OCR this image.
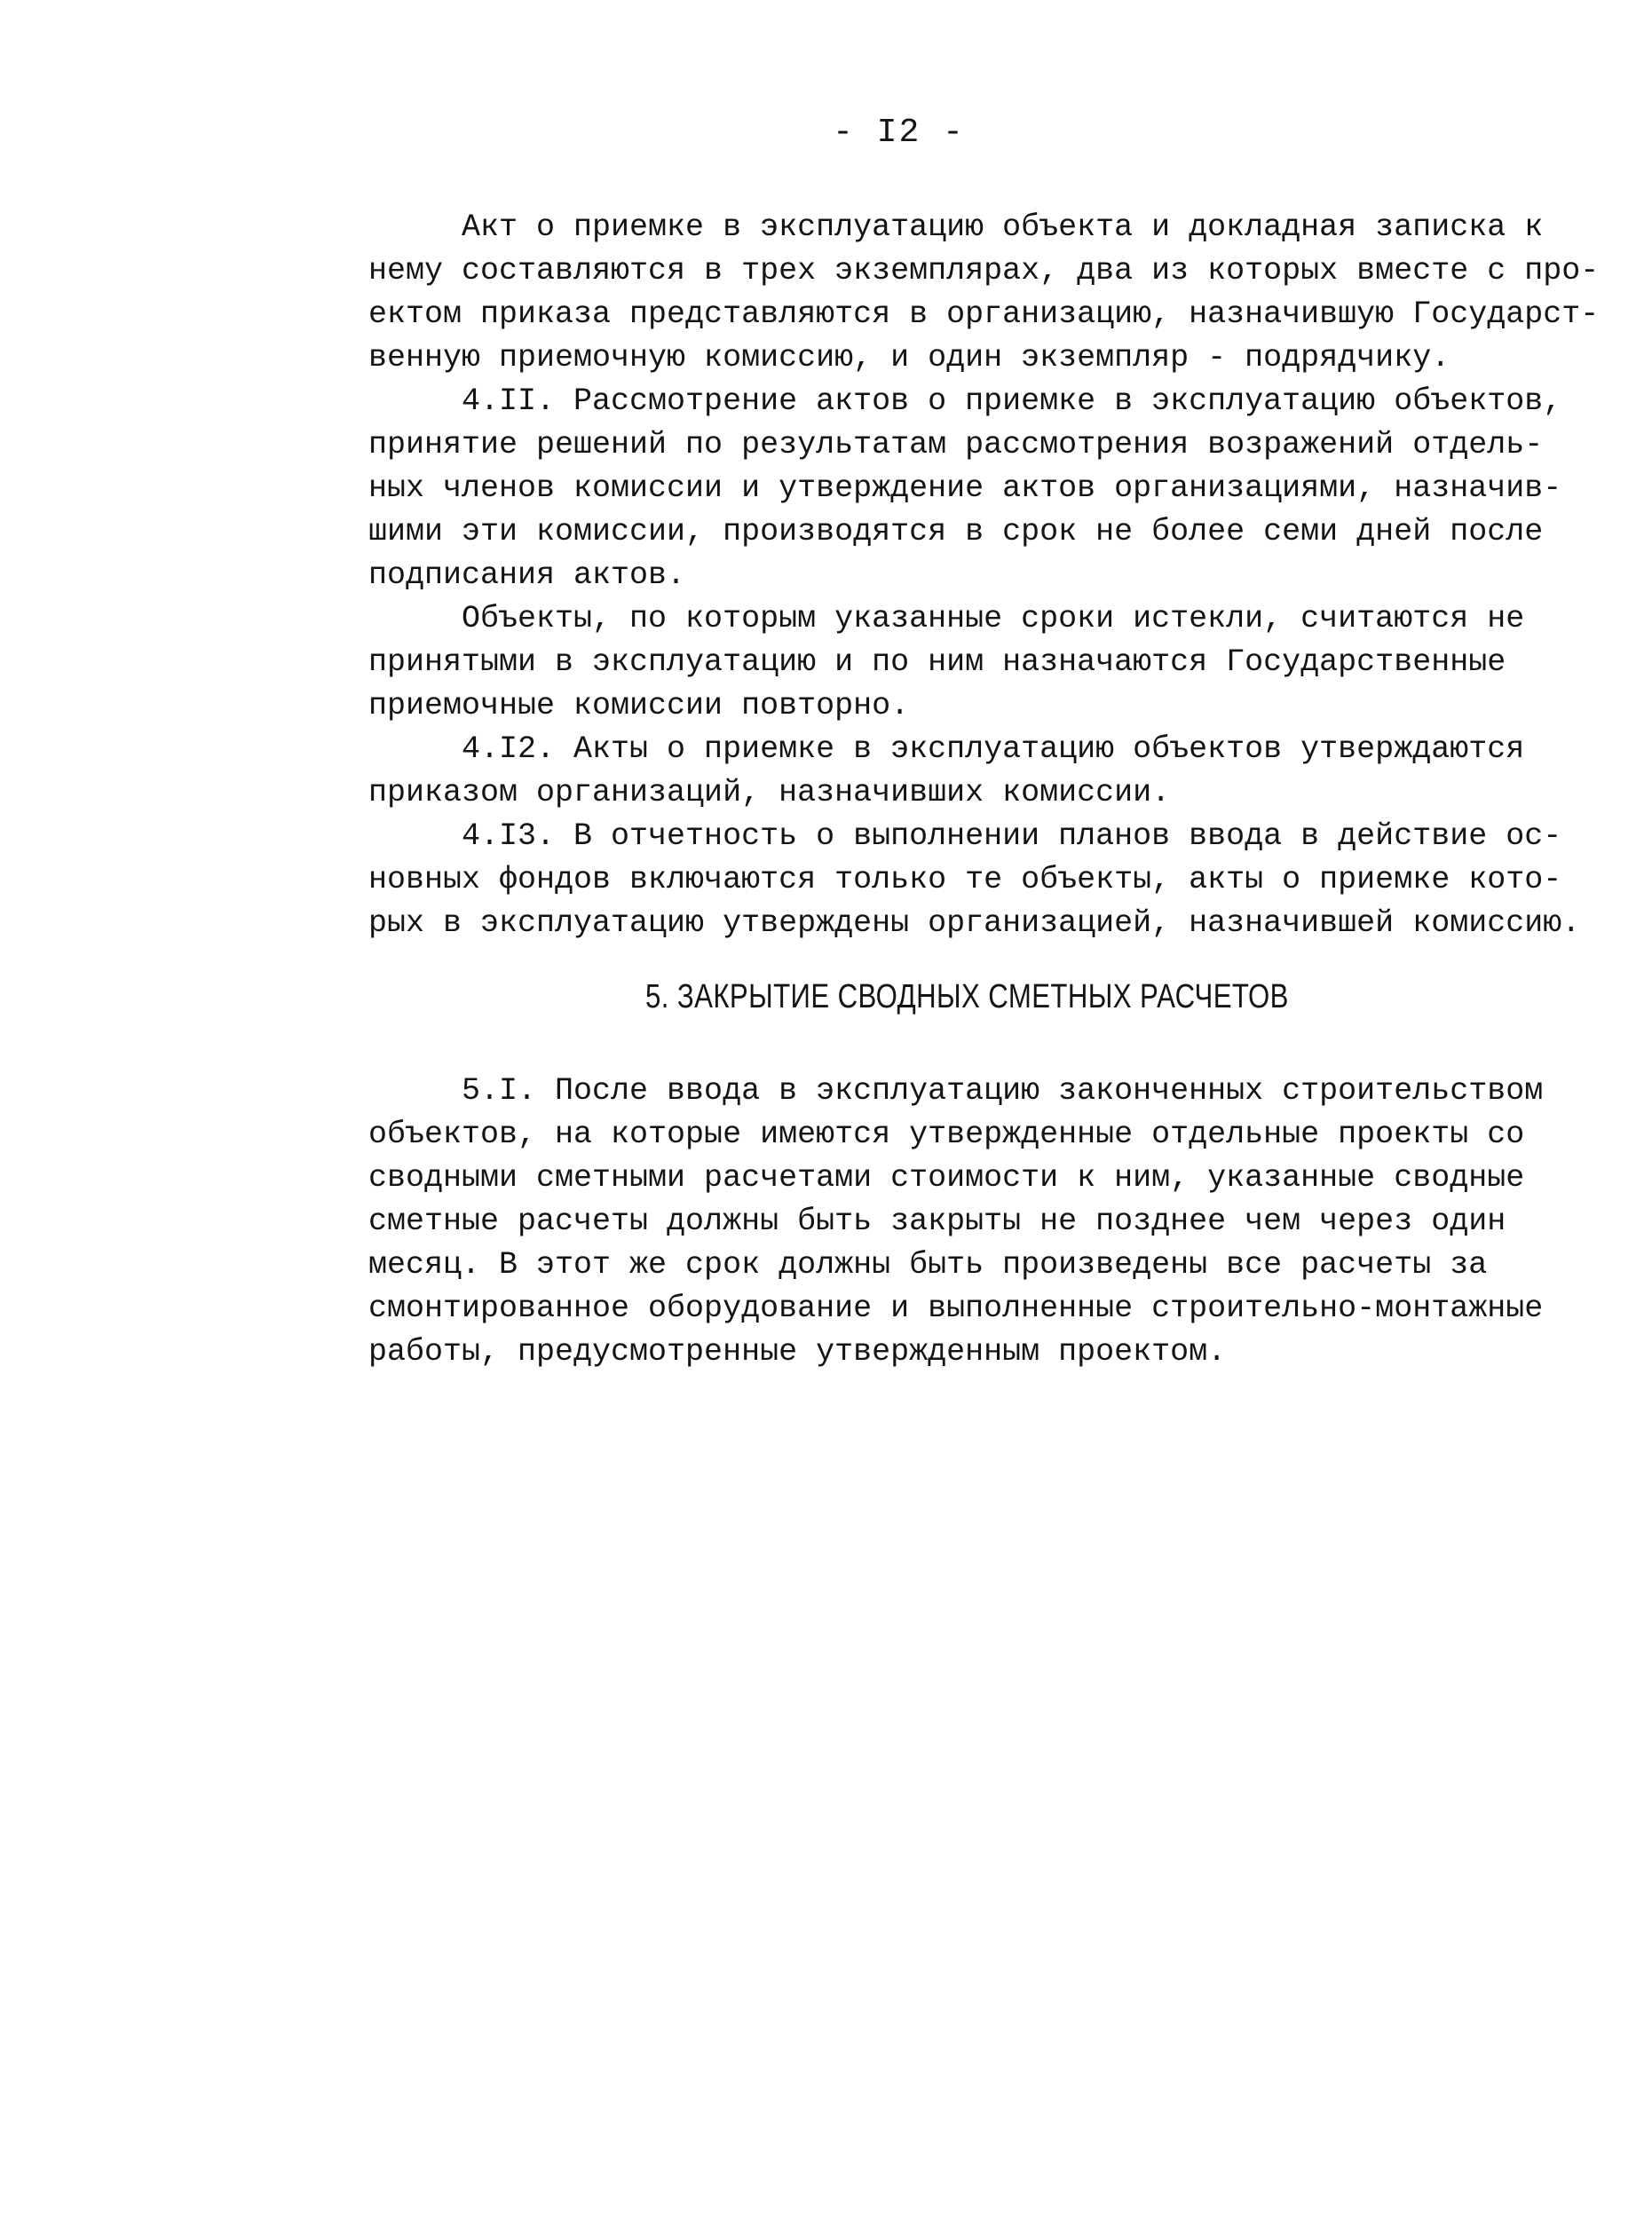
- I2 -
Акт о приемке в эксплуатацию объекта и докладная записка к
нему составляются в трех экземплярах, два из которых вместе с про-
ектом приказа представляются в организацию, назначившую Государст-
венную приемочную комиссию, и один экземпляр - подрядчику.
4.II. Рассмотрение актов о приемке в эксплуатацию объектов,
принятие решений по результатам рассмотрения возражений отдель-
ных членов комиссии и утверждение актов организациями, назначив-
шими эти комиссии, производятся в срок не более семи дней после
подписания актов.
Объекты, по которым указанные сроки истекли, считаются не
принятыми в эксплуатацию и по ним назначаются Государственные
приемочные комиссии повторно.
4.I2. Акты о приемке в эксплуатацию объектов утверждаются
приказом организаций, назначивших комиссии.
4.I3. В отчетность о выполнении планов ввода в действие ос-
новных фондов включаются только те объекты, акты о приемке кото-
рых в эксплуатацию утверждены организацией, назначившей комиссию.
5. ЗАКРЫТИЕ СВОДНЫХ СМЕТНЫХ РАСЧЕТОВ
5.I. После ввода в эксплуатацию законченных строительством
объектов, на которые имеются утвержденные отдельные проекты со
сводными сметными расчетами стоимости к ним, указанные сводные
сметные расчеты должны быть закрыты не позднее чем через один
месяц. В этот же срок должны быть произведены все расчеты за
смонтированное оборудование и выполненные строительно-монтажные
работы, предусмотренные утвержденным проектом.
